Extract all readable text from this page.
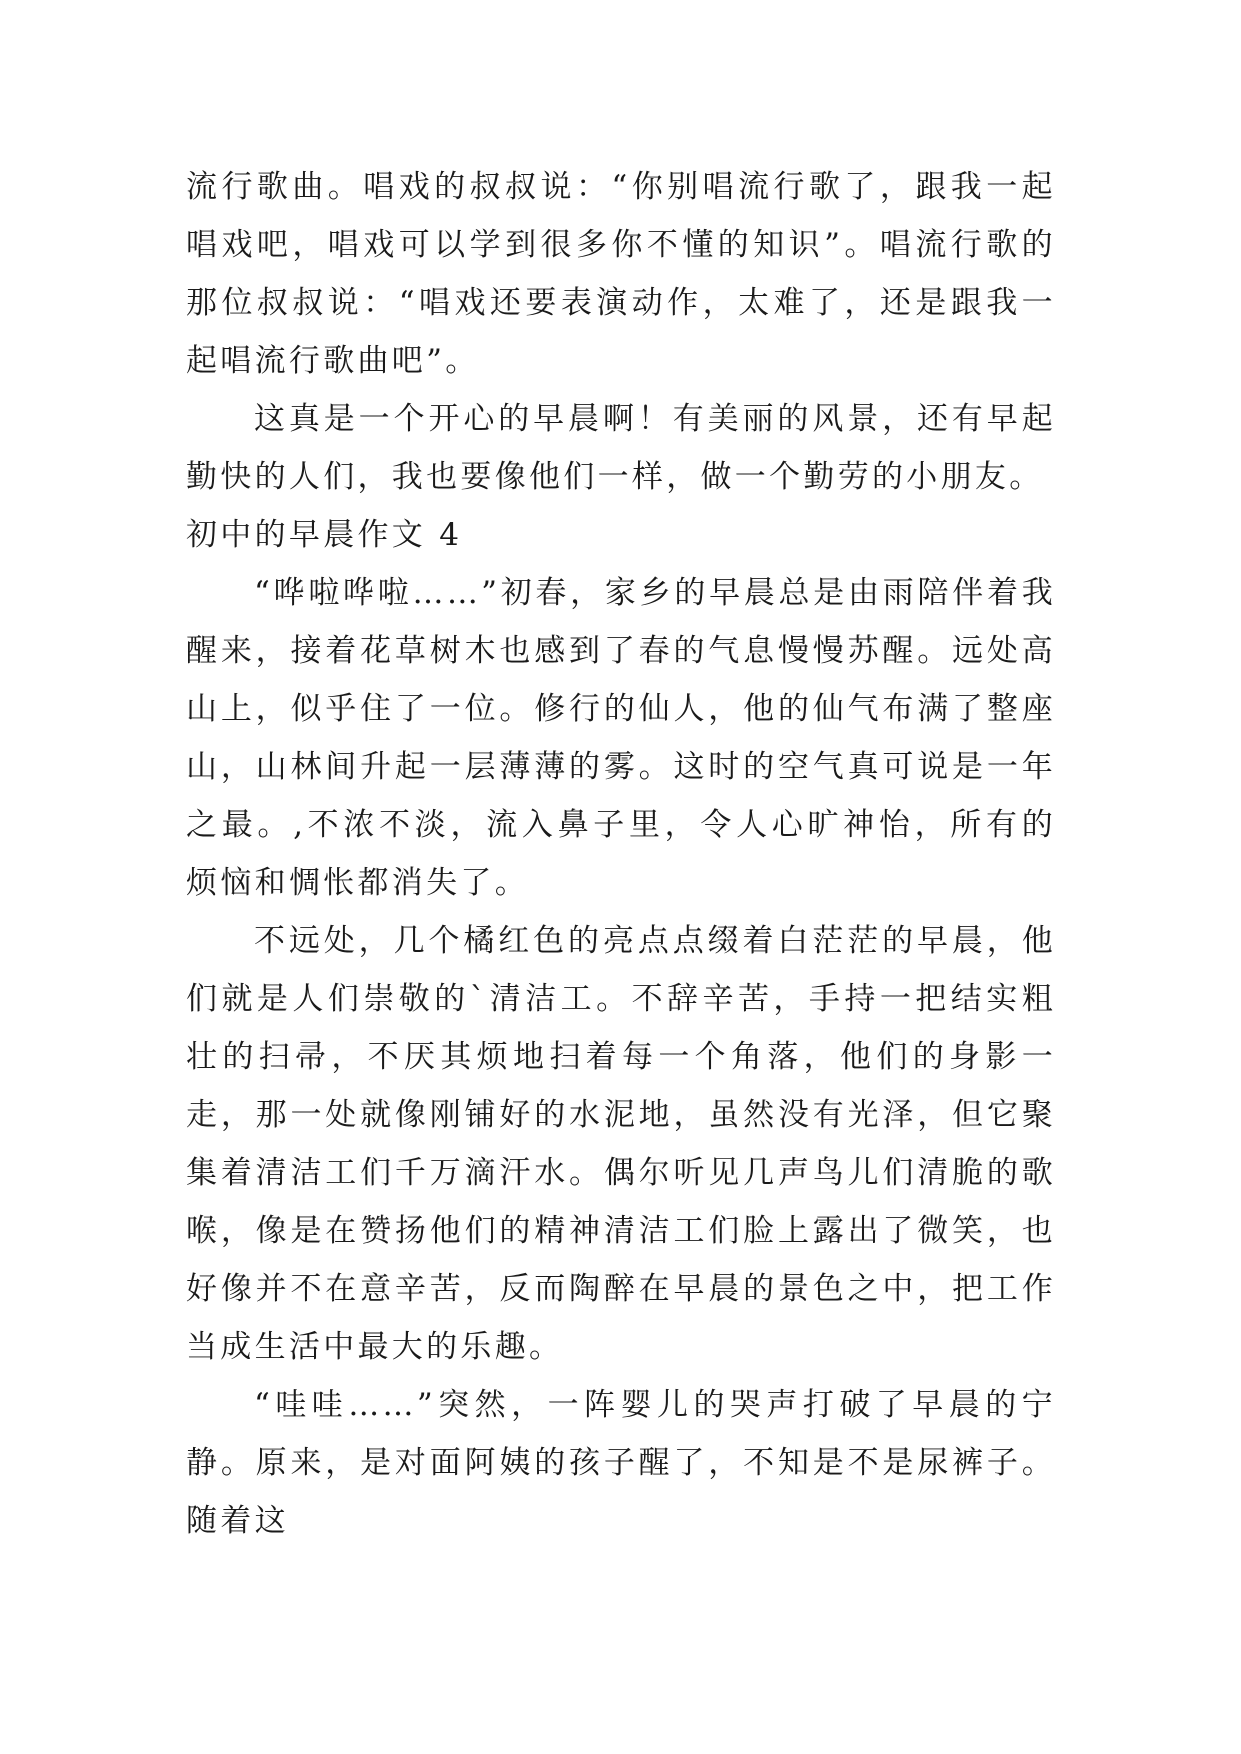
流行歌曲。唱戏的叔叔说：“你别唱流行歌了，跟我一起唱戏吧，唱戏可以学到很多你不懂的知识”。唱流行歌的那位叔叔说：“唱戏还要表演动作，太难了，还是跟我一起唱流行歌曲吧”。

这真是一个开心的早晨啊！有美丽的风景，还有早起勤快的人们，我也要像他们一样，做一个勤劳的小朋友。

初中的早晨作文 4

“哗啦哗啦……”初春，家乡的早晨总是由雨陪伴着我醒来，接着花草树木也感到了春的气息慢慢苏醒。远处高山上，似乎住了一位。修行的仙人，他的仙气布满了整座山，山林间升起一层薄薄的雾。这时的空气真可说是一年之最。,不浓不淡，流入鼻子里，令人心旷神怡，所有的烦恼和惆怅都消失了。

不远处，几个橘红色的亮点点缀着白茫茫的早晨，他们就是人们崇敬的`清洁工。不辞辛苦，手持一把结实粗壮的扫帚，不厌其烦地扫着每一个角落，他们的身影一走，那一处就像刚铺好的水泥地，虽然没有光泽，但它聚集着清洁工们千万滴汗水。偶尔听见几声鸟儿们清脆的歌喉，像是在赞扬他们的精神清洁工们脸上露出了微笑，也好像并不在意辛苦，反而陶醉在早晨的景色之中，把工作当成生活中最大的乐趣。

“哇哇……”突然，一阵婴儿的哭声打破了早晨的宁静。原来，是对面阿姨的孩子醒了，不知是不是尿裤子。随着这
